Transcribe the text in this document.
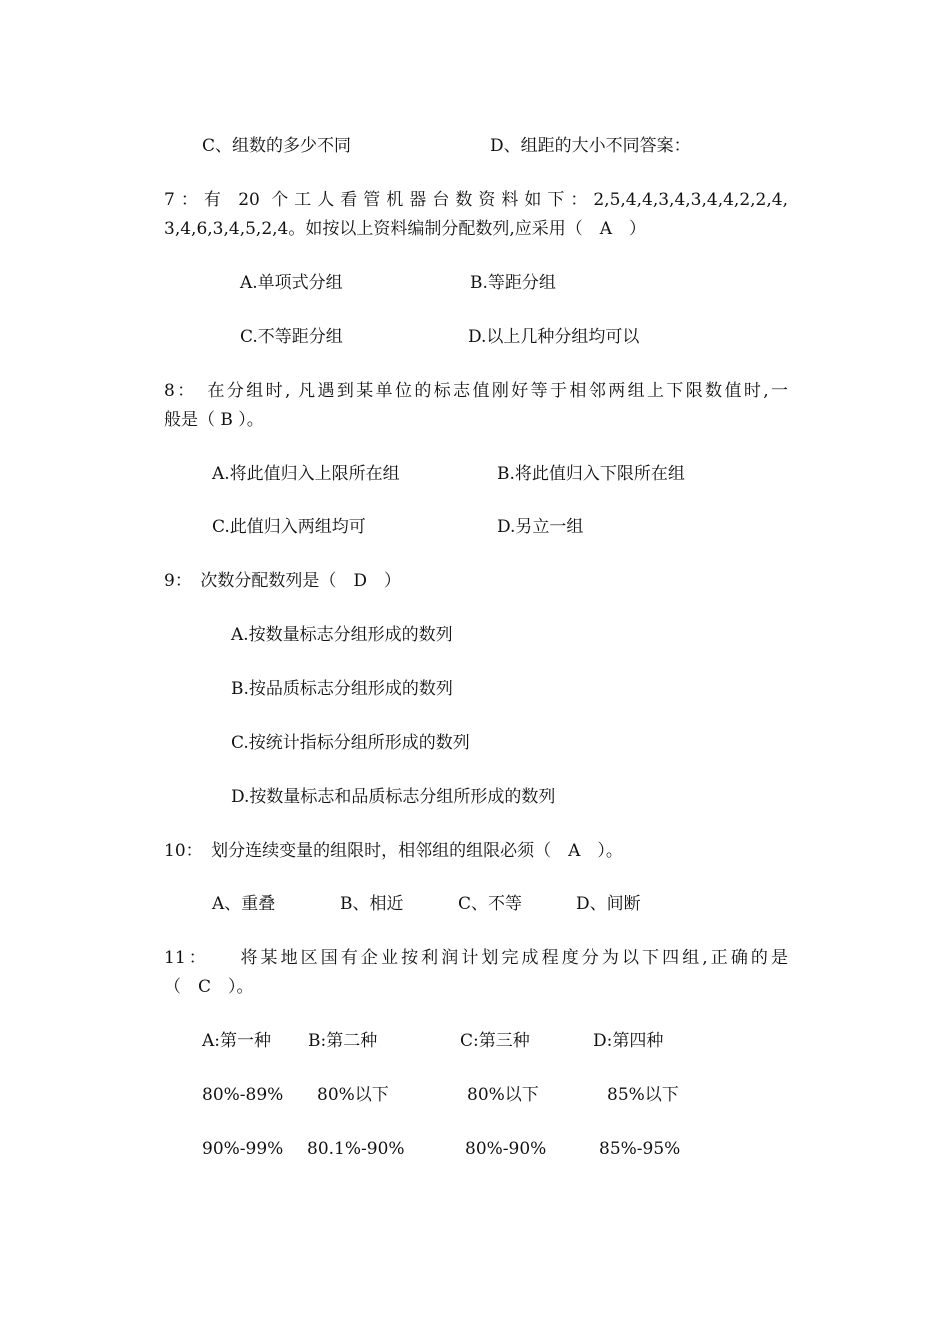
C、组数的多少不同	D、组距的大小不同答案：
7：有 20 个工人看管机器台数资料如下：2,5,4,4,3,4,3,4,4,2,2,4,
3,4,6,3,4,5,2,4。如按以上资料编制分配数列,应采用（　A　）
A.单项式分组	B.等距分组
C.不等距分组	D.以上几种分组均可以
8：　在分组时, 凡遇到某单位的标志值刚好等于相邻两组上下限数值时,一
般是（ B ）。
A.将此值归入上限所在组	B.将此值归入下限所在组
C.此值归入两组均可	D.另立一组
9：　次数分配数列是（　D　）
A.按数量标志分组形成的数列
B.按品质标志分组形成的数列
C.按统计指标分组所形成的数列
D.按数量标志和品质标志分组所形成的数列
10：　划分连续变量的组限时，相邻组的组限必须（　A　）。
A、重叠	B、相近	C、不等	D、间断
11：　　将某地区国有企业按利润计划完成程度分为以下四组,正确的是
（　C　）。
A:第一种 B:第二种	C:第三种	D:第四种
80%-89% 80%以下	80%以下	85%以下
90%-99% 80.1%-90%	80%-90%	85%-95%
